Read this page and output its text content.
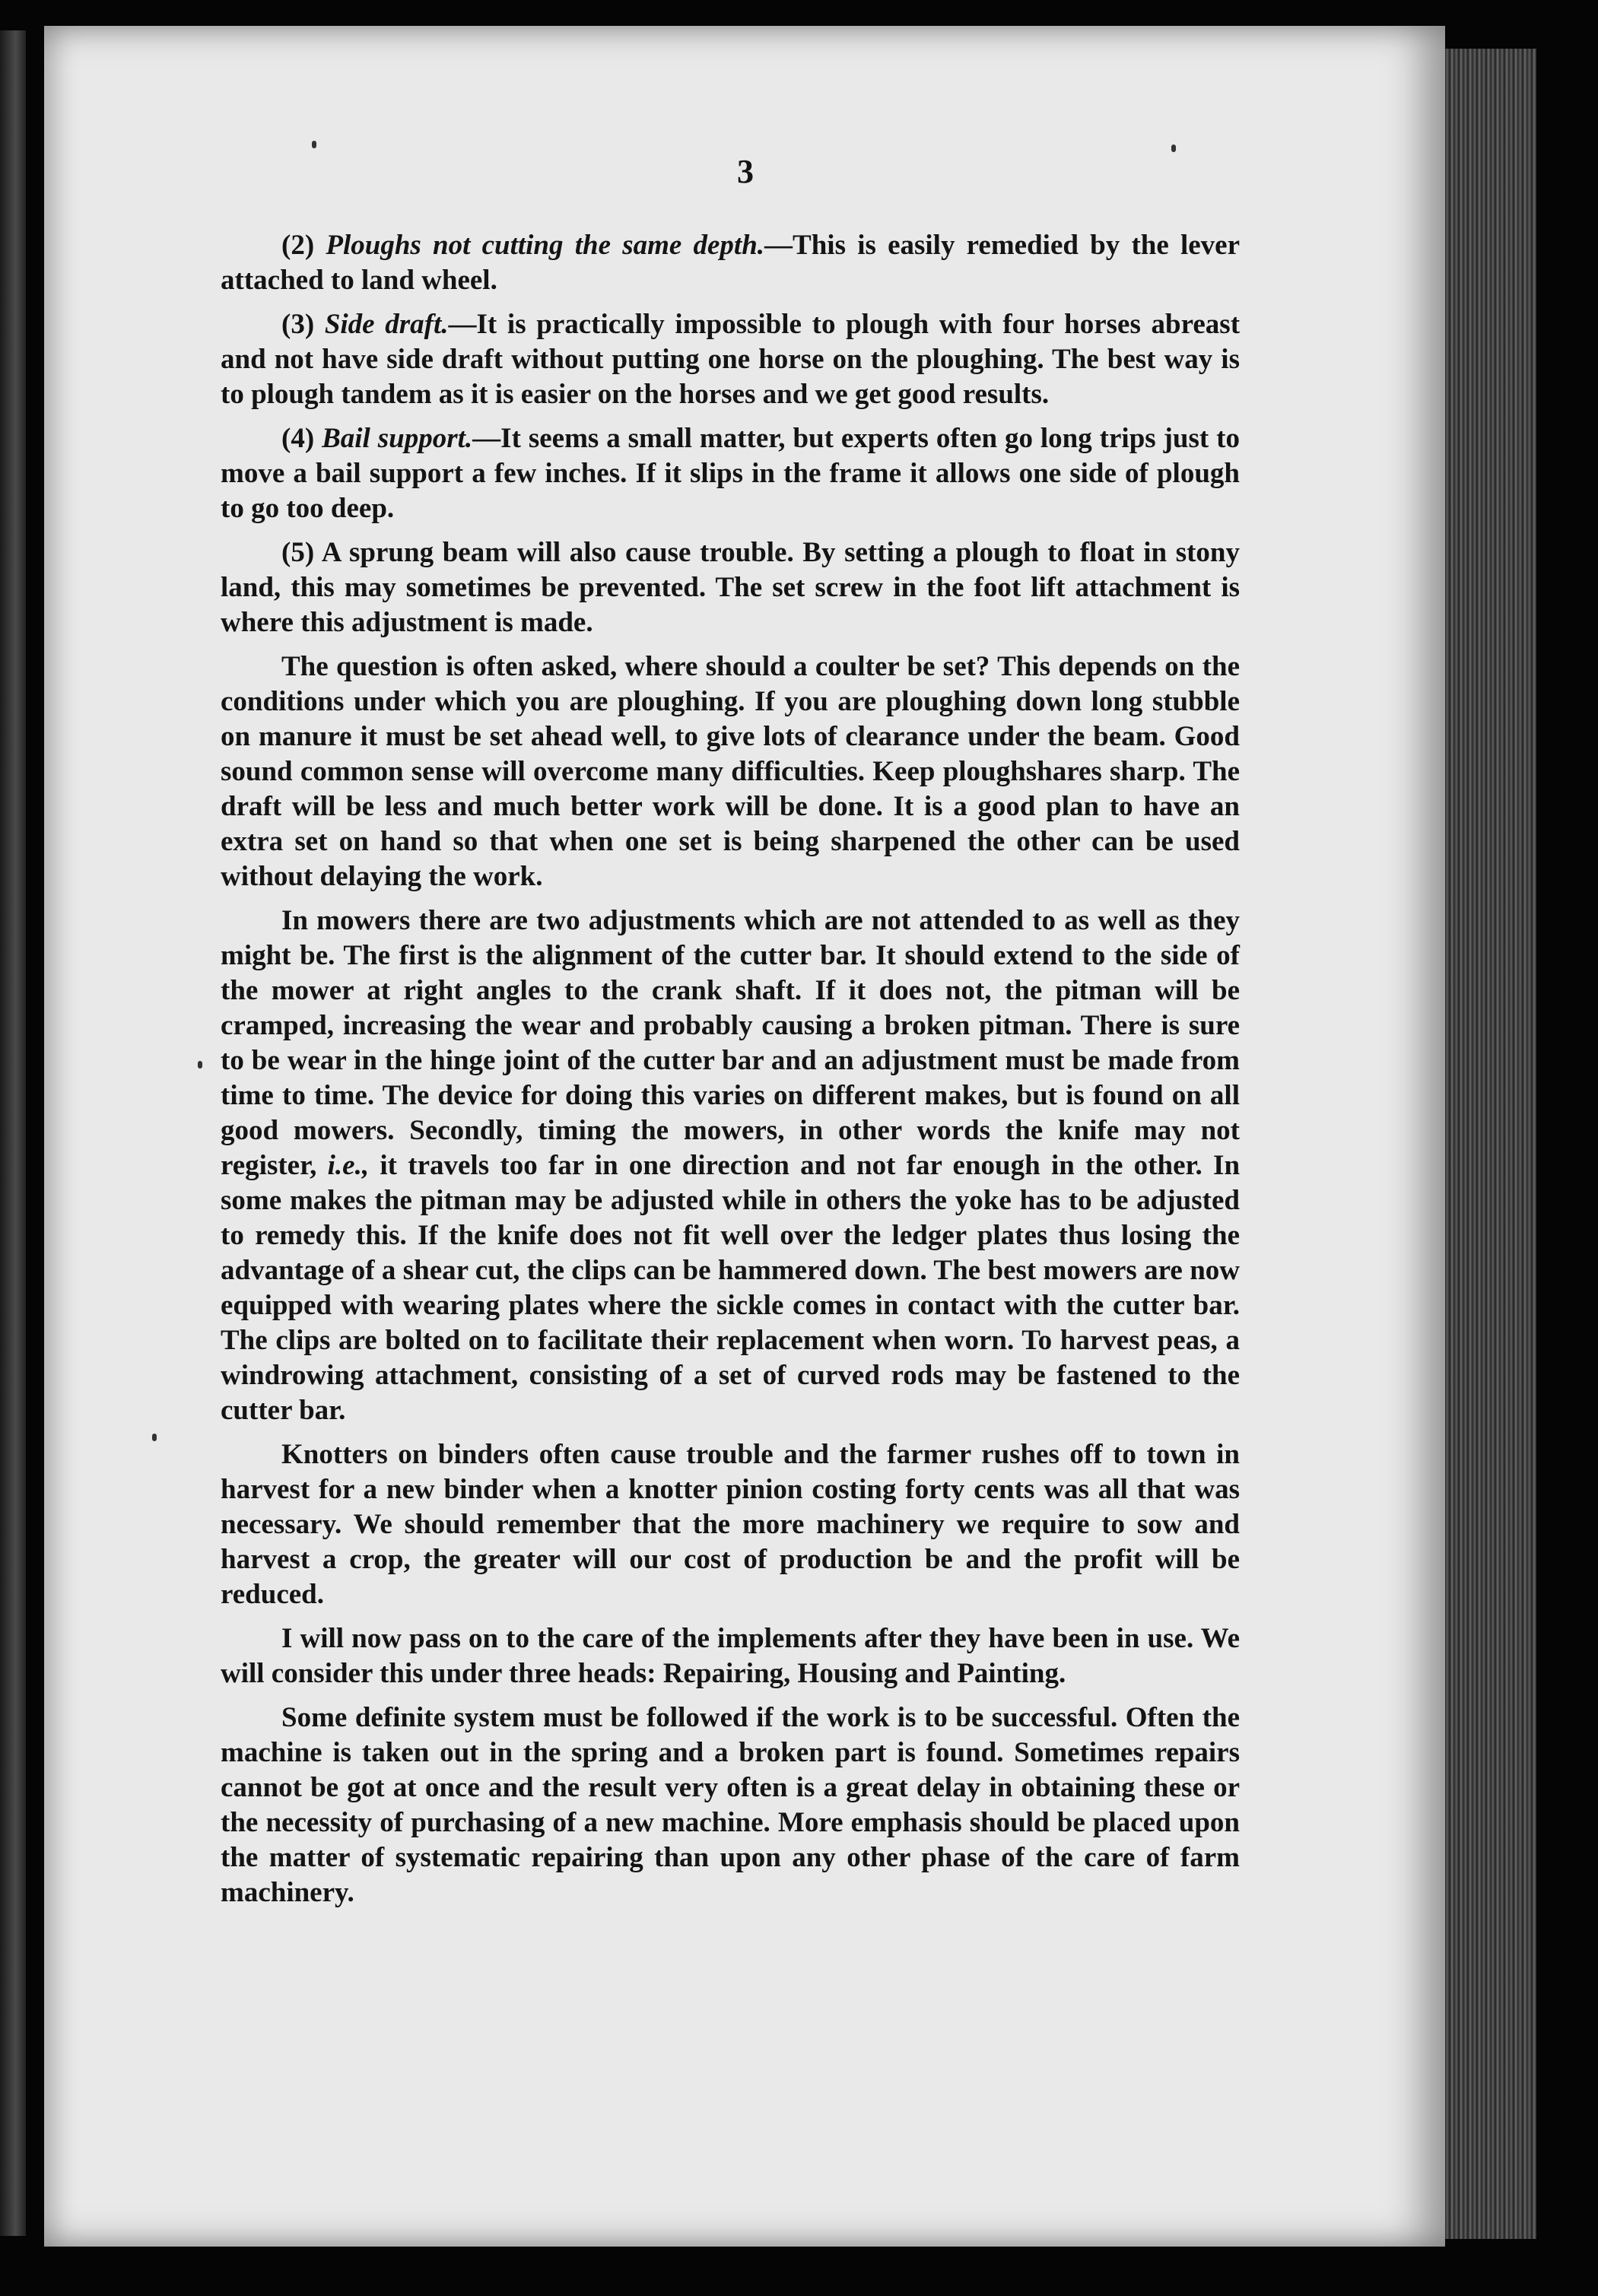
3

(2) Ploughs not cutting the same depth.—This is easily remedied by the lever attached to land wheel.

(3) Side draft.—It is practically impossible to plough with four horses abreast and not have side draft without putting one horse on the ploughing. The best way is to plough tandem as it is easier on the horses and we get good results.

(4) Bail support.—It seems a small matter, but experts often go long trips just to move a bail support a few inches. If it slips in the frame it allows one side of plough to go too deep.

(5) A sprung beam will also cause trouble. By setting a plough to float in stony land, this may sometimes be prevented. The set screw in the foot lift attachment is where this adjustment is made.

The question is often asked, where should a coulter be set? This depends on the conditions under which you are ploughing. If you are ploughing down long stubble on manure it must be set ahead well, to give lots of clearance under the beam. Good sound common sense will overcome many difficulties. Keep ploughshares sharp. The draft will be less and much better work will be done. It is a good plan to have an extra set on hand so that when one set is being sharpened the other can be used without delaying the work.

In mowers there are two adjustments which are not attended to as well as they might be. The first is the alignment of the cutter bar. It should extend to the side of the mower at right angles to the crank shaft. If it does not, the pitman will be cramped, increasing the wear and probably causing a broken pitman. There is sure to be wear in the hinge joint of the cutter bar and an adjustment must be made from time to time. The device for doing this varies on different makes, but is found on all good mowers. Secondly, timing the mowers, in other words the knife may not register, i.e., it travels too far in one direction and not far enough in the other. In some makes the pitman may be adjusted while in others the yoke has to be adjusted to remedy this. If the knife does not fit well over the ledger plates thus losing the advantage of a shear cut, the clips can be hammered down. The best mowers are now equipped with wearing plates where the sickle comes in contact with the cutter bar. The clips are bolted on to facilitate their replacement when worn. To harvest peas, a windrowing attachment, consisting of a set of curved rods may be fastened to the cutter bar.

Knotters on binders often cause trouble and the farmer rushes off to town in harvest for a new binder when a knotter pinion costing forty cents was all that was necessary. We should remember that the more machinery we require to sow and harvest a crop, the greater will our cost of production be and the profit will be reduced.

I will now pass on to the care of the implements after they have been in use. We will consider this under three heads: Repairing, Housing and Painting.

Some definite system must be followed if the work is to be successful. Often the machine is taken out in the spring and a broken part is found. Sometimes repairs cannot be got at once and the result very often is a great delay in obtaining these or the necessity of purchasing of a new machine. More emphasis should be placed upon the matter of systematic repairing than upon any other phase of the care of farm machinery.
